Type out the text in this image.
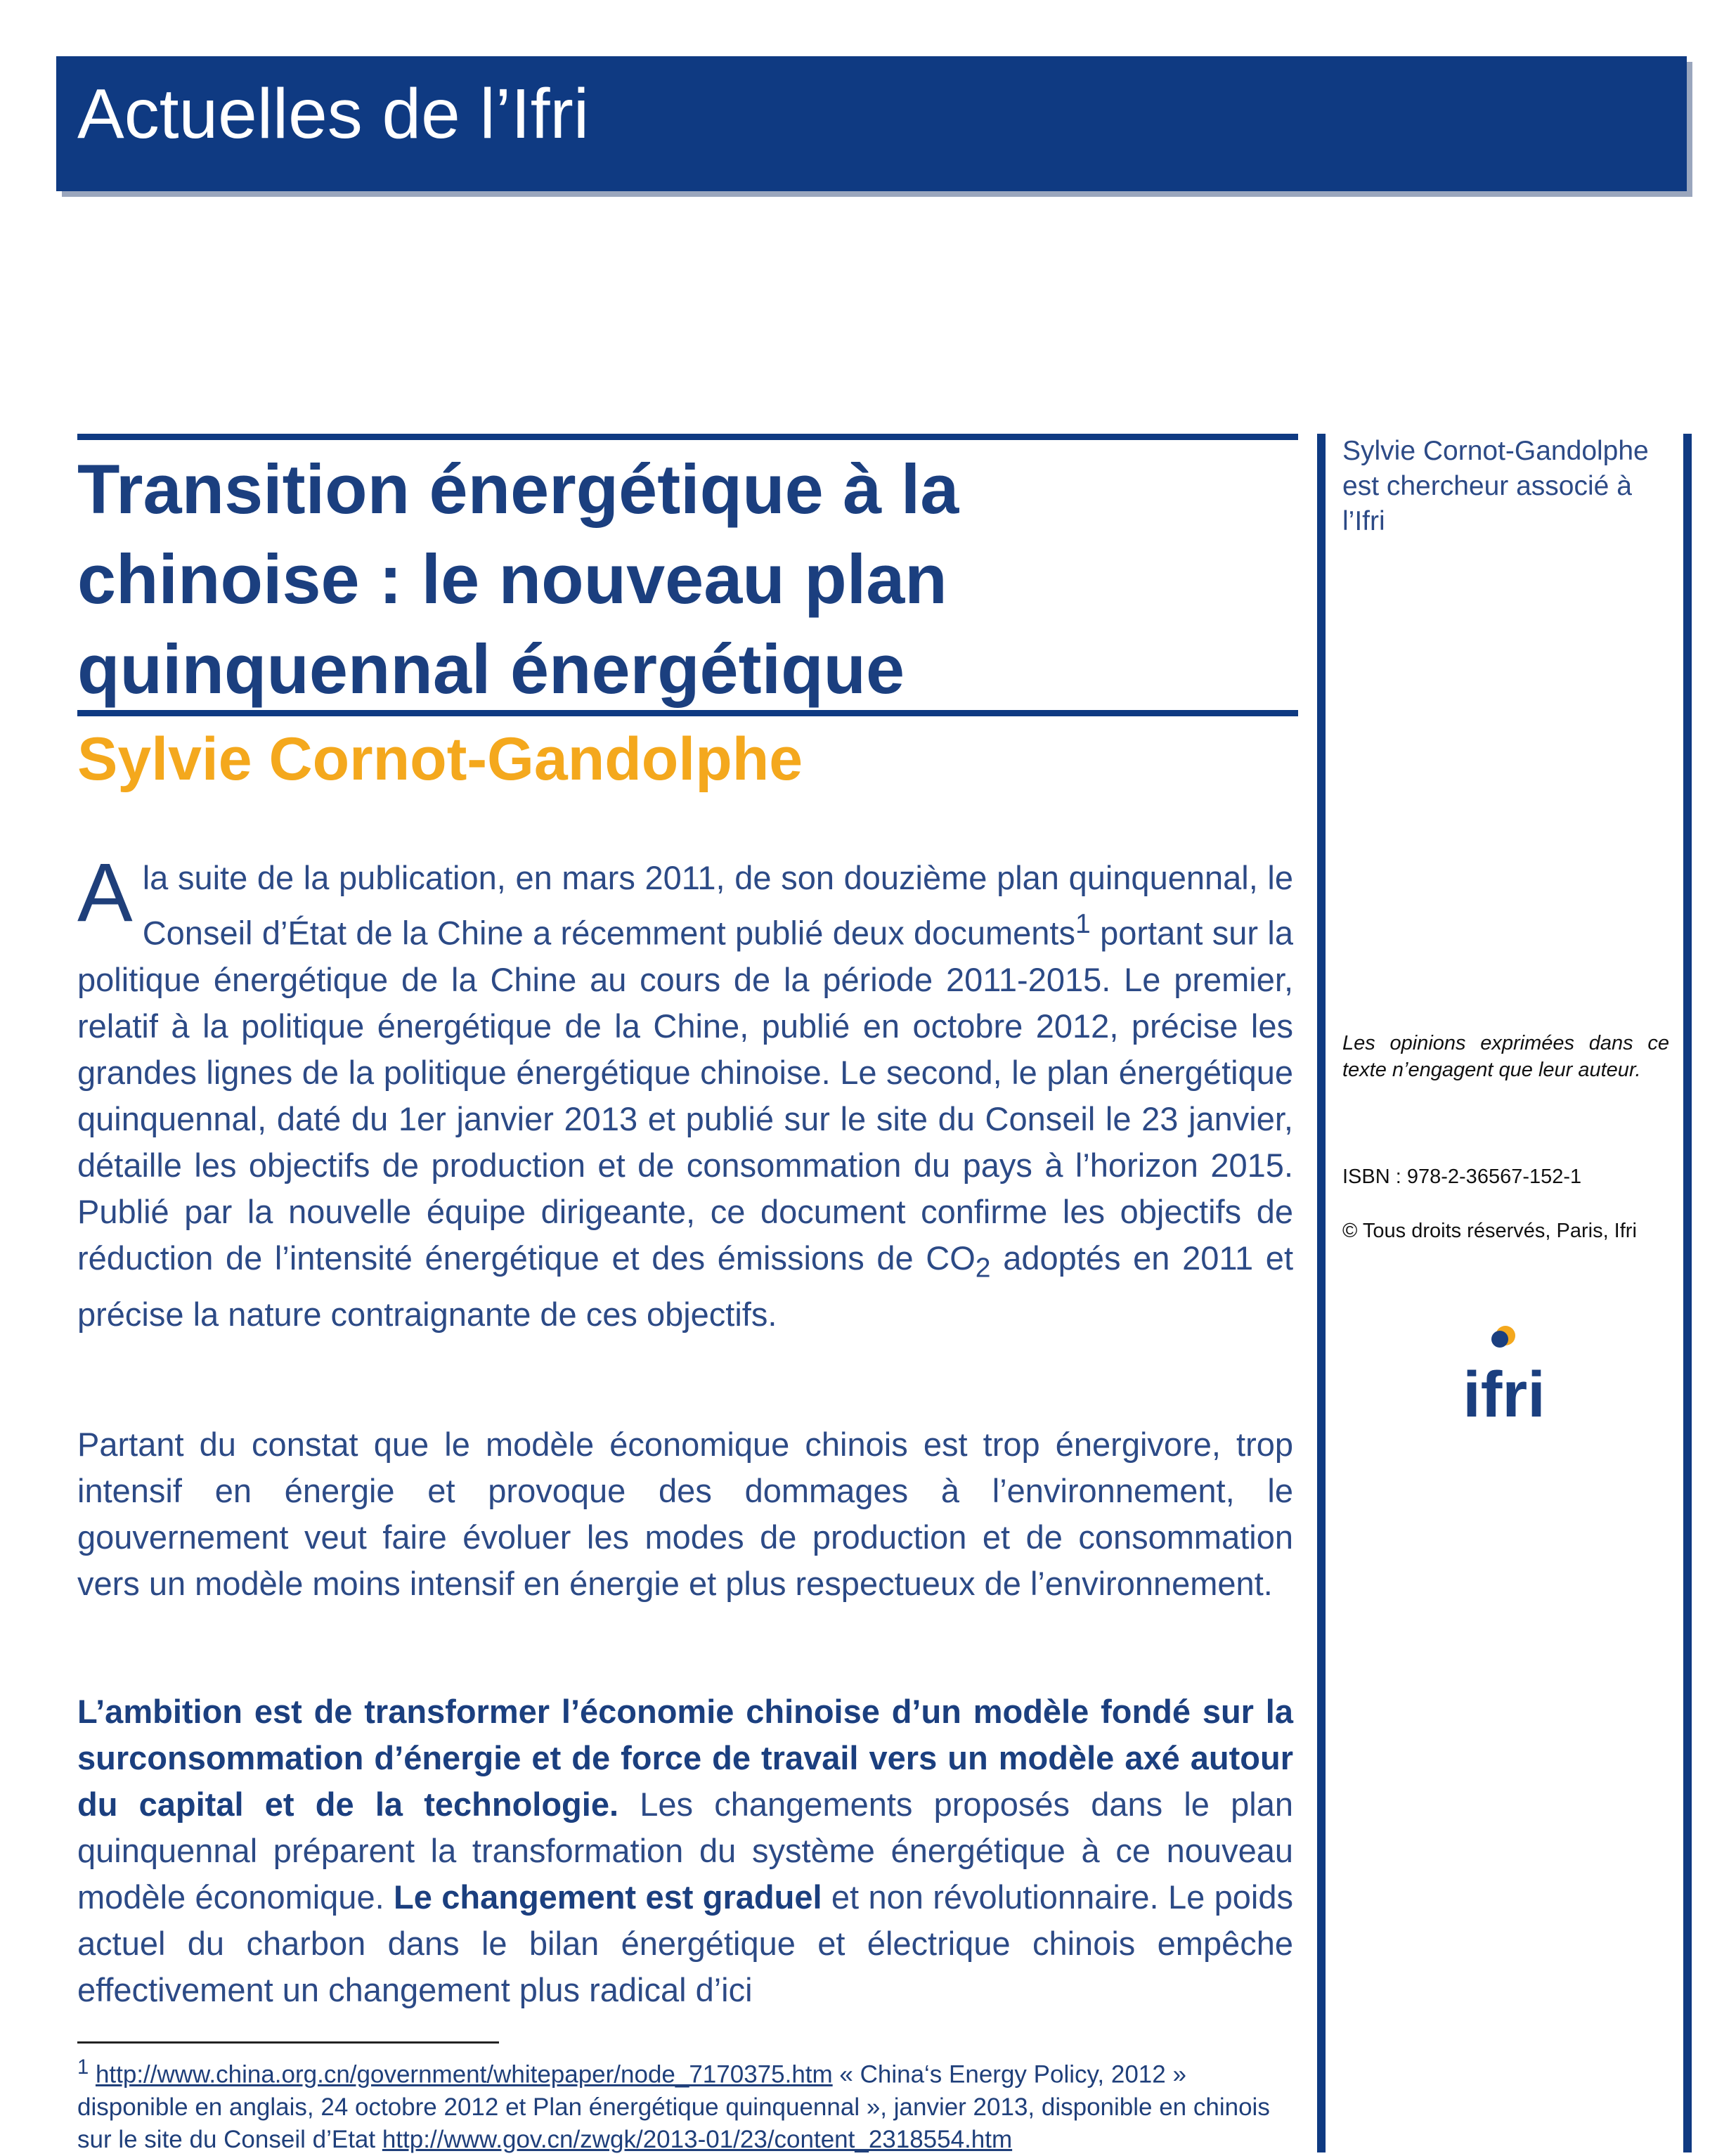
Actuelles de l’Ifri
Transition énergétique à la
chinoise : le nouveau plan
quinquennal énergétique
Sylvie Cornot-Gandolphe
Ala suite de la publication, en mars 2011, de son douzième plan quinquennal, le Conseil d’État de la Chine a récemment publié deux documents$^1$ portant sur la politique énergétique de la Chine au cours de la période 2011-2015. Le premier, relatif à la politique énergétique de la Chine, publié en octobre 2012, précise les grandes lignes de la politique énergétique chinoise. Le second, le plan énergétique quinquennal, daté du 1er janvier 2013 et publié sur le site du Conseil le 23 janvier, détaille les objectifs de production et de consommation du pays à l’horizon 2015. Publié par la nouvelle équipe dirigeante, ce document confirme les objectifs de réduction de l’intensité énergétique et des émissions de $CO_2$ adoptés en 2011 et précise la nature contraignante de ces objectifs.
Partant du constat que le modèle économique chinois est trop énergivore, trop intensif en énergie et provoque des dommages à l’environnement, le gouvernement veut faire évoluer les modes de production et de consommation vers un modèle moins intensif en énergie et plus respectueux de l’environnement.
L’ambition est de transformer l’économie chinoise d’un modèle fondé sur la surconsommation d’énergie et de force de travail vers un modèle axé autour du capital et de la technologie. Les changements proposés dans le plan quinquennal préparent la transformation du système énergétique à ce nouveau modèle économique. Le changement est graduel et non révolutionnaire. Le poids actuel du charbon dans le bilan énergétique et électrique chinois empêche effectivement un changement plus radical d’ici
$^1$ http://www.china.org.cn/government/whitepaper/node_7170375.htm « China‘s Energy Policy, 2012 » disponible en anglais, 24 octobre 2012 et Plan énergétique quinquennal », janvier 2013, disponible en chinois sur le site du Conseil d’Etat http://www.gov.cn/zwgk/2013-01/23/content_2318554.htm
Sylvie Cornot-Gandolphe est chercheur associé à l’Ifri
Les opinions exprimées dans ce texte n’engagent que leur auteur.
ISBN : 978-2-36567-152-1
© Tous droits réservés, Paris, Ifri
ifri
